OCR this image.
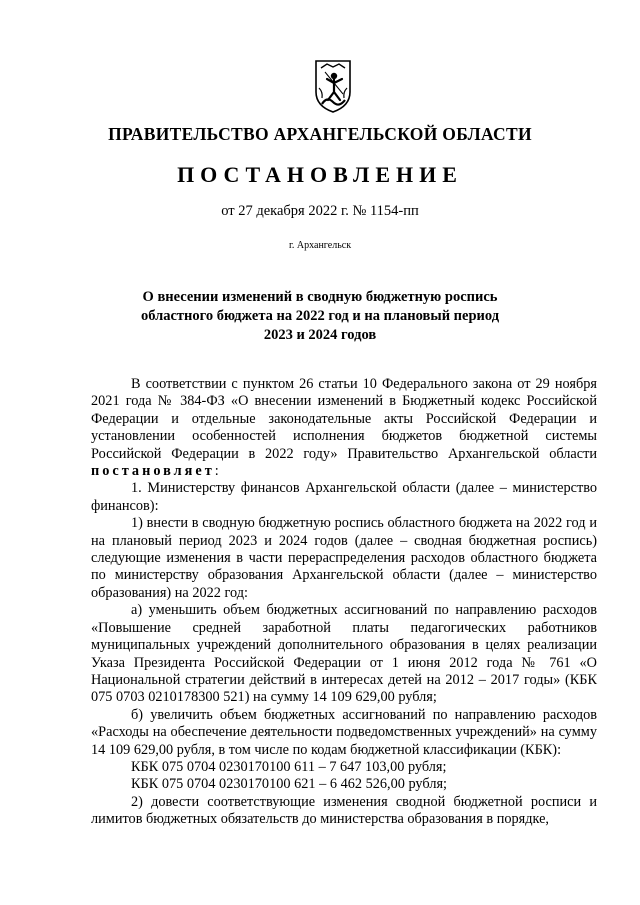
ПРАВИТЕЛЬСТВО АРХАНГЕЛЬСКОЙ ОБЛАСТИ
ПОСТАНОВЛЕНИЕ
от 27 декабря 2022 г. № 1154-пп
г. Архангельск
О внесении изменений в сводную бюджетную роспись
областного бюджета на 2022 год и на плановый период
2023 и 2024 годов

В соответствии с пунктом 26 статьи 10 Федерального закона от 29 ноября 2021 года № 384-ФЗ «О внесении изменений в Бюджетный кодекс Российской Федерации и отдельные законодательные акты Российской Федерации и установлении особенностей исполнения бюджетов бюджетной системы Российской Федерации в 2022 году» Правительство Архангельской области постановляет:

1. Министерству финансов Архангельской области (далее – министерство финансов):

1) внести в сводную бюджетную роспись областного бюджета на 2022 год и на плановый период 2023 и 2024 годов (далее – сводная бюджетная роспись) следующие изменения в части перераспределения расходов областного бюджета по министерству образования Архангельской области (далее – министерство образования) на 2022 год:

а) уменьшить объем бюджетных ассигнований по направлению расходов «Повышение средней заработной платы педагогических работников муниципальных учреждений дополнительного образования в целях реализации Указа Президента Российской Федерации от 1 июня 2012 года № 761 «О Национальной стратегии действий в интересах детей на 2012 – 2017 годы» (КБК 075 0703 0210178300 521) на сумму 14 109 629,00 рубля;

б) увеличить объем бюджетных ассигнований по направлению расходов «Расходы на обеспечение деятельности подведомственных учреждений» на сумму 14 109 629,00 рубля, в том числе по кодам бюджетной классификации (КБК):

КБК 075 0704 0230170100 611 – 7 647 103,00 рубля;

КБК 075 0704 0230170100 621 – 6 462 526,00 рубля;

2) довести соответствующие изменения сводной бюджетной росписи и лимитов бюджетных обязательств до министерства образования в порядке,
